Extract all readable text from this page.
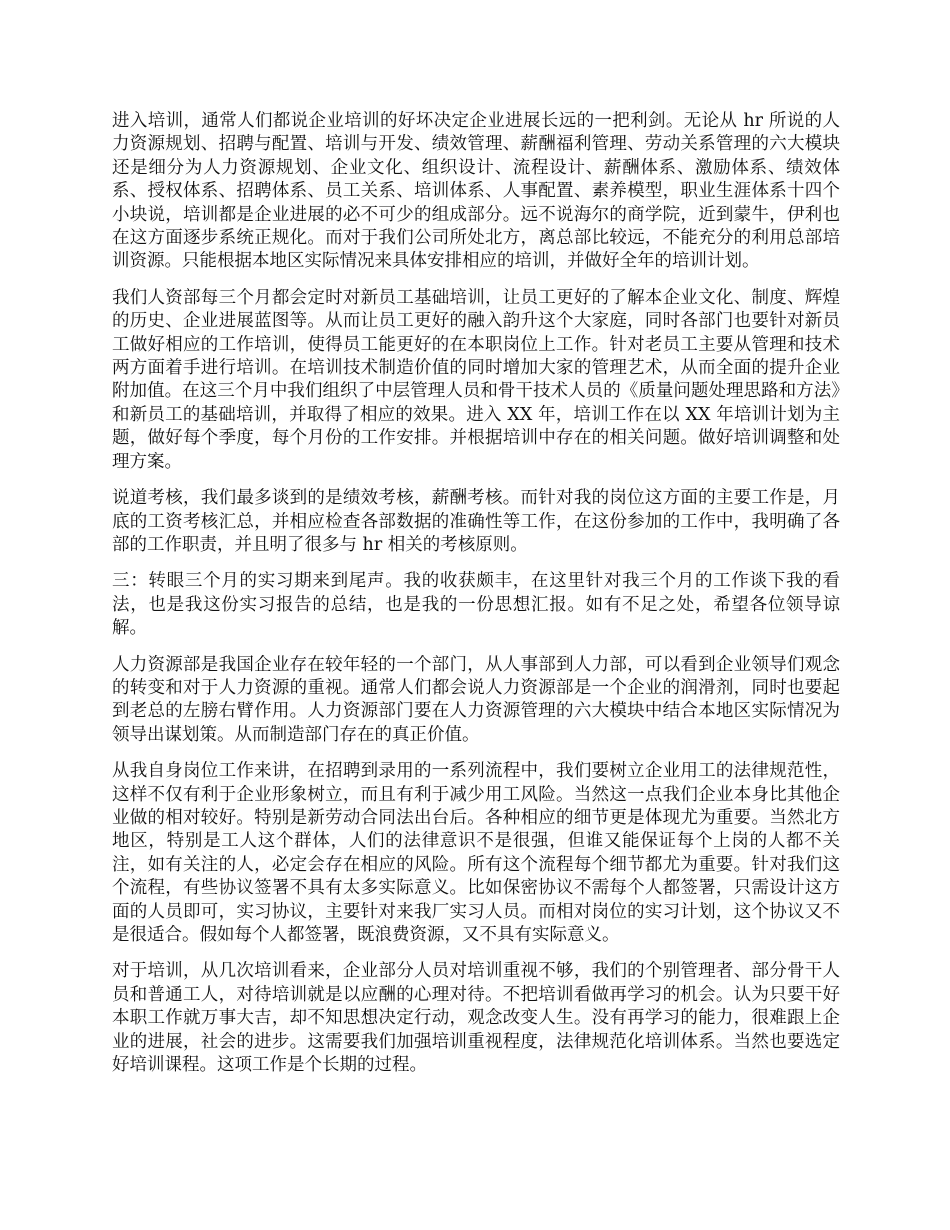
进入培训，通常人们都说企业培训的好坏决定企业进展长远的一把利剑。无论从 hr 所说的人力资源规划、招聘与配置、培训与开发、绩效管理、薪酬福利管理、劳动关系管理的六大模块还是细分为人力资源规划、企业文化、组织设计、流程设计、薪酬体系、激励体系、绩效体系、授权体系、招聘体系、员工关系、培训体系、人事配置、素养模型，职业生涯体系十四个小块说，培训都是企业进展的必不可少的组成部分。远不说海尔的商学院，近到蒙牛，伊利也在这方面逐步系统正规化。而对于我们公司所处北方，离总部比较远，不能充分的利用总部培训资源。只能根据本地区实际情况来具体安排相应的培训，并做好全年的培训计划。

我们人资部每三个月都会定时对新员工基础培训，让员工更好的了解本企业文化、制度、辉煌的历史、企业进展蓝图等。从而让员工更好的融入韵升这个大家庭，同时各部门也要针对新员工做好相应的工作培训，使得员工能更好的在本职岗位上工作。针对老员工主要从管理和技术两方面着手进行培训。在培训技术制造价值的同时增加大家的管理艺术，从而全面的提升企业附加值。在这三个月中我们组织了中层管理人员和骨干技术人员的《质量问题处理思路和方法》和新员工的基础培训，并取得了相应的效果。进入 XX 年，培训工作在以 XX 年培训计划为主题，做好每个季度，每个月份的工作安排。并根据培训中存在的相关问题。做好培训调整和处理方案。

说道考核，我们最多谈到的是绩效考核，薪酬考核。而针对我的岗位这方面的主要工作是，月底的工资考核汇总，并相应检查各部数据的准确性等工作，在这份参加的工作中，我明确了各部的工作职责，并且明了很多与 hr 相关的考核原则。

三：转眼三个月的实习期来到尾声。我的收获颇丰，在这里针对我三个月的工作谈下我的看法，也是我这份实习报告的总结，也是我的一份思想汇报。如有不足之处，希望各位领导谅解。

人力资源部是我国企业存在较年轻的一个部门，从人事部到人力部，可以看到企业领导们观念的转变和对于人力资源的重视。通常人们都会说人力资源部是一个企业的润滑剂，同时也要起到老总的左膀右臂作用。人力资源部门要在人力资源管理的六大模块中结合本地区实际情况为领导出谋划策。从而制造部门存在的真正价值。

从我自身岗位工作来讲，在招聘到录用的一系列流程中，我们要树立企业用工的法律规范性，这样不仅有利于企业形象树立，而且有利于减少用工风险。当然这一点我们企业本身比其他企业做的相对较好。特别是新劳动合同法出台后。各种相应的细节更是体现尤为重要。当然北方地区，特别是工人这个群体，人们的法律意识不是很强，但谁又能保证每个上岗的人都不关注，如有关注的人，必定会存在相应的风险。所有这个流程每个细节都尤为重要。针对我们这个流程，有些协议签署不具有太多实际意义。比如保密协议不需每个人都签署，只需设计这方面的人员即可，实习协议，主要针对来我厂实习人员。而相对岗位的实习计划，这个协议又不是很适合。假如每个人都签署，既浪费资源，又不具有实际意义。

对于培训，从几次培训看来，企业部分人员对培训重视不够，我们的个别管理者、部分骨干人员和普通工人，对待培训就是以应酬的心理对待。不把培训看做再学习的机会。认为只要干好本职工作就万事大吉，却不知思想决定行动，观念改变人生。没有再学习的能力，很难跟上企业的进展，社会的进步。这需要我们加强培训重视程度，法律规范化培训体系。当然也要选定好培训课程。这项工作是个长期的过程。
